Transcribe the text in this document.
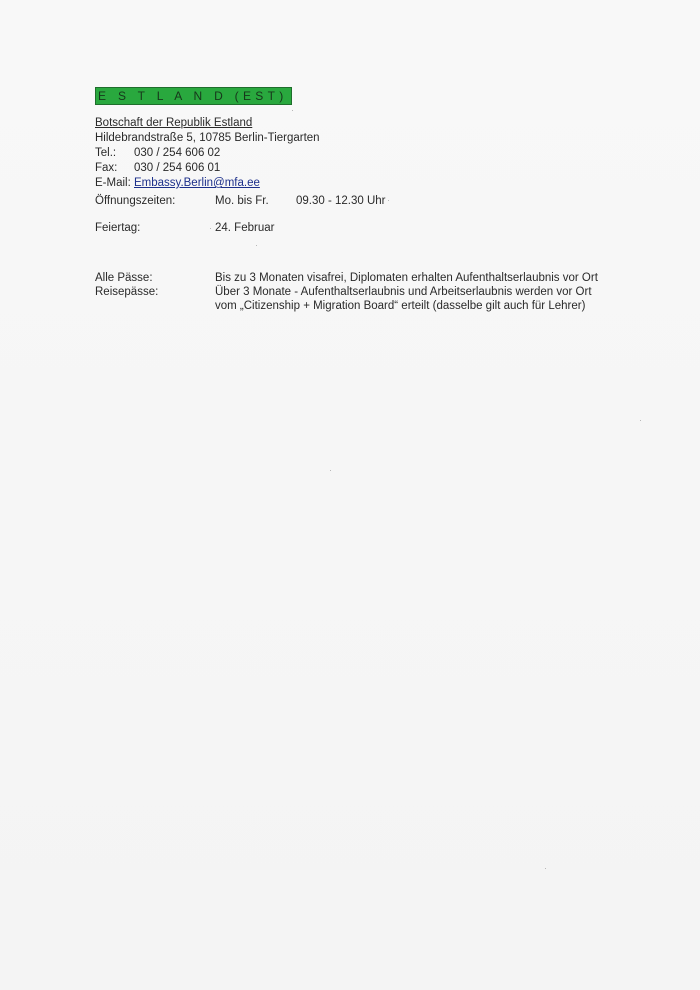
E S T L A N D (EST)
Botschaft der Republik Estland
Hildebrandstraße 5, 10785 Berlin-Tiergarten
Tel.: 030 / 254 606 02
Fax: 030 / 254 606 01
E-Mail: Embassy.Berlin@mfa.ee
Öffnungszeiten:	Mo. bis Fr. 09.30 - 12.30 Uhr
Feiertag:	24. Februar
Alle Pässe:
Reisepässe:
Bis zu 3 Monaten visafrei, Diplomaten erhalten Aufenthaltserlaubnis vor Ort
Über 3 Monate - Aufenthaltserlaubnis und Arbeitserlaubnis werden vor Ort
vom „Citizenship + Migration Board“ erteilt (dasselbe gilt auch für Lehrer)
